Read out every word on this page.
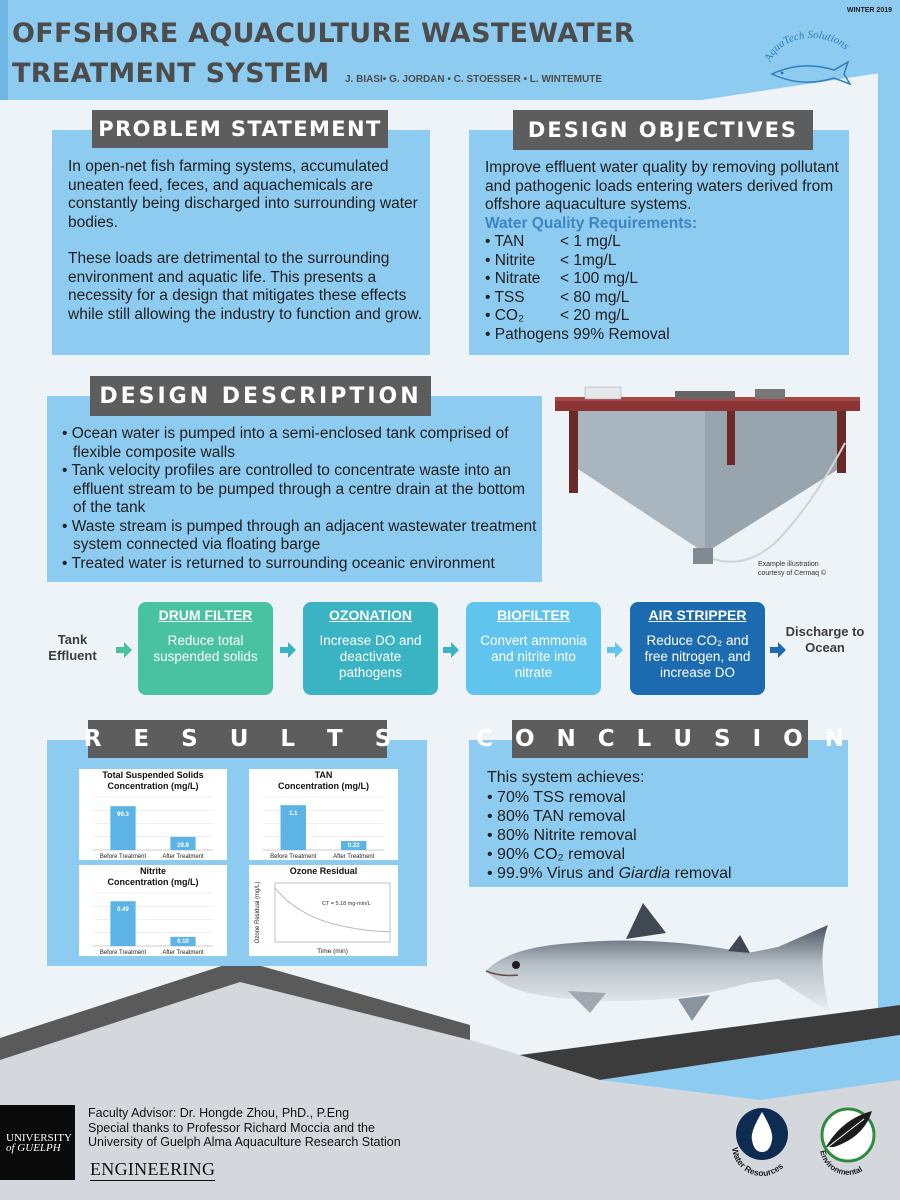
WINTER 2019
OFFSHORE AQUACULTURE WASTEWATER
TREATMENT SYSTEM J. BIASI• G. JORDAN • C. STOESSER • L. WINTEMUTE
AquaTech Solutions
PROBLEM STATEMENT

In open-net fish farming systems, accumulated uneaten feed, feces, and aquachemicals are constantly being discharged into surrounding water bodies.

These loads are detrimental to the surrounding environment and aquatic life. This presents a necessity for a design that mitigates these effects while still allowing the industry to function and grow.

DESIGN OBJECTIVES
Improve effluent water quality by removing pollutant and pathogenic loads entering waters derived from offshore aquaculture systems.
Water Quality Requirements:
• TAN	< 1 mg/L
• Nitrite	< 1mg/L
• Nitrate	< 100 mg/L
• TSS	< 80 mg/L
• CO₂	< 20 mg/L
• Pathogens 99% Removal
DESIGN DESCRIPTION
• Ocean water is pumped into a semi-enclosed tank comprised of flexible composite walls
• Tank velocity profiles are controlled to concentrate waste into an effluent stream to be pumped through a centre drain at the bottom of the tank
• Waste stream is pumped through an adjacent wastewater treatment system connected via floating barge
• Treated water is returned to surrounding oceanic environment	Example illustration
courtesy of Cermaq ©
Tank Effluent
DRUM FILTER
Reduce total suspended solids
OZONATION
Increase DO and deactivate pathogens
BIOFILTER
Convert ammonia and nitrite into nitrate
AIR STRIPPER
Reduce CO₂ and free nitrogen, and increase DO
Discharge to Ocean
R E S U L T S
Total Suspended Solids Concentration (mg/L)
99.3
Before Treatment
29.8
After Treatment
TAN Concentration (mg/L)
1.1
Before Treatment
0.22
After Treatment
Nitrite Concentration (mg/L)
0.49
Before Treatment
0.10
After Treatment
Ozone Residual
CT = 5.18 mg-min/L
Time (min)
Ozone Residual (mg/L)
C O N C L U S I O N
This system achieves:
• 70% TSS removal
• 80% TAN removal
• 80% Nitrite removal
• 90% CO₂ removal
• 99.9% Virus and Giardia removal
UNIVERSITY
of GUELPH
Faculty Advisor: Dr. Hongde Zhou, PhD., P.Eng
Special thanks to Professor Richard Moccia and the
University of Guelph Alma Aquaculture Research Station
ENGINEERING
Water Resources
Environmental
